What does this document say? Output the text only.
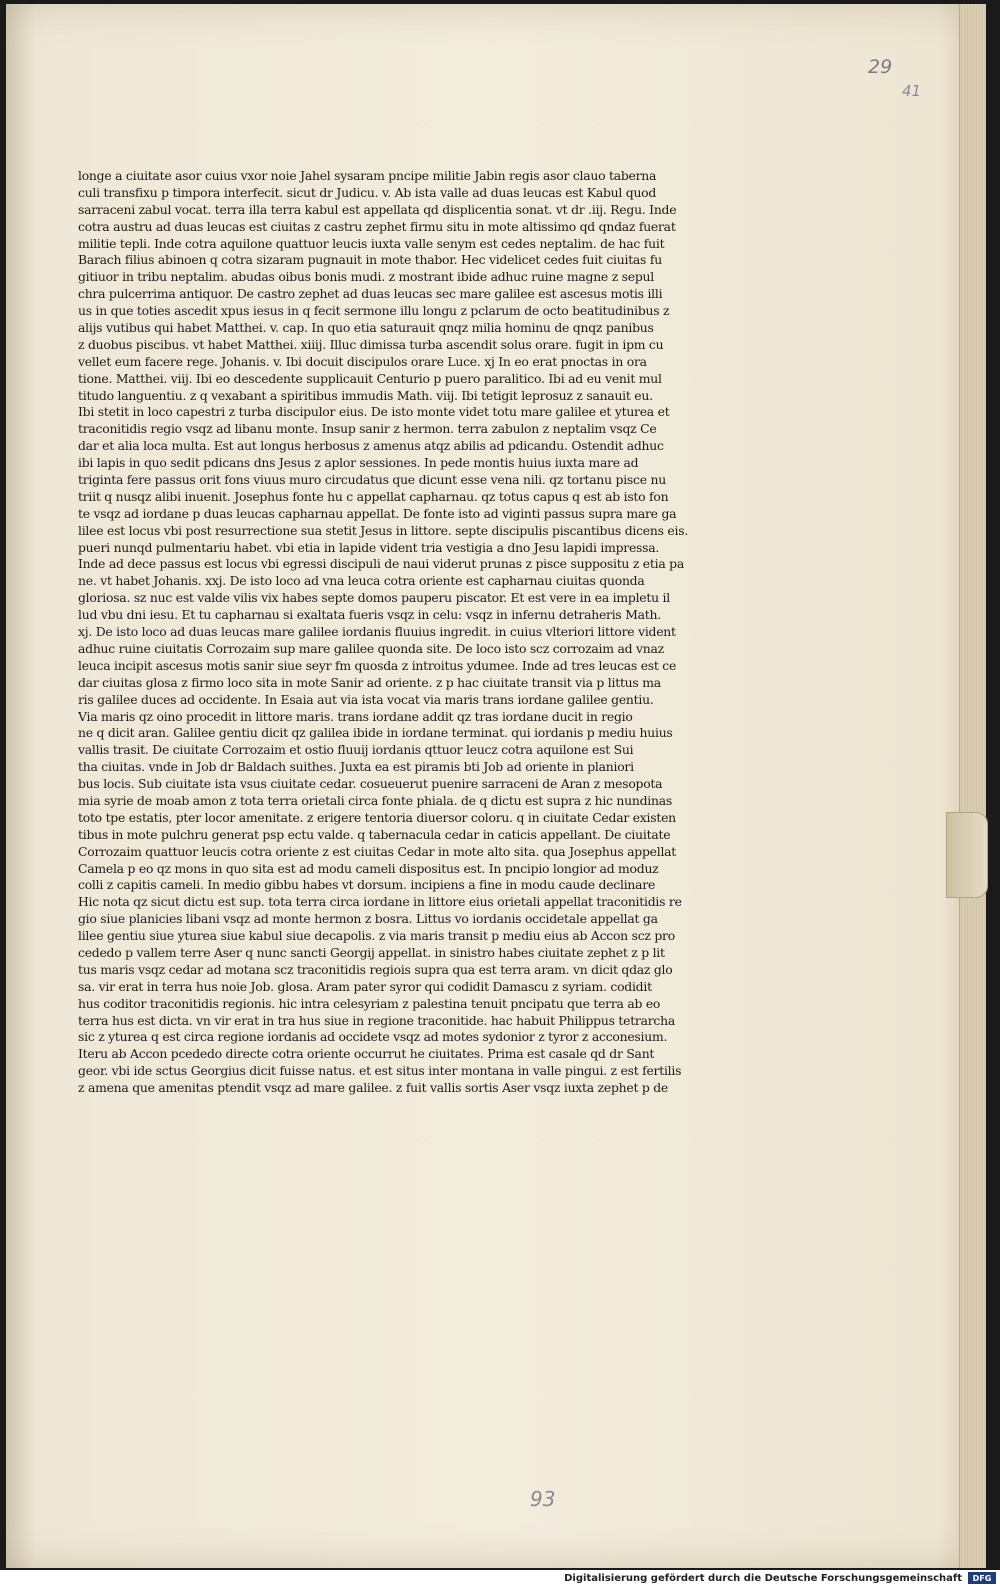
29
41
longe a ciuitate asor cuius vxor noie Jahel sysaram pncipe militie Jabin regis asor clauo taberna
culi transfixu p timpora interfecit. sicut dr Judicu. v. Ab ista valle ad duas leucas est Kabul quod
sarraceni zabul vocat. terra illa terra kabul est appellata qd displicentia sonat. vt dr .iij. Regu. Inde
cotra austru ad duas leucas est ciuitas z castru zephet firmu situ in mote altissimo qd qndaz fuerat
militie tepli. Inde cotra aquilone quattuor leucis iuxta valle senym est cedes neptalim. de hac fuit
Barach filius abinoen q cotra sizaram pugnauit in mote thabor. Hec videlicet cedes fuit ciuitas fu
gitiuor in tribu neptalim. abudas oibus bonis mudi. z mostrant ibide adhuc ruine magne z sepul
chra pulcerrima antiquor. De castro zephet ad duas leucas sec mare galilee est ascesus motis illi
us in que toties ascedit xpus iesus in q fecit sermone illu longu z pclarum de octo beatitudinibus z
alijs vutibus qui habet Matthei. v. cap. In quo etia saturauit qnqz milia hominu de qnqz panibus
z duobus piscibus. vt habet Matthei. xiiij. Illuc dimissa turba ascendit solus orare. fugit in ipm cu
vellet eum facere rege. Johanis. v. Ibi docuit discipulos orare Luce. xj In eo erat pnoctas in ora
tione. Matthei. viij. Ibi eo descedente supplicauit Centurio p puero paralitico. Ibi ad eu venit mul
titudo languentiu. z q vexabant a spiritibus immudis Math. viij. Ibi tetigit leprosuz z sanauit eu.
Ibi stetit in loco capestri z turba discipulor eius. De isto monte videt totu mare galilee et yturea et
traconitidis regio vsqz ad libanu monte. Insup sanir z hermon. terra zabulon z neptalim vsqz Ce
dar et alia loca multa. Est aut longus herbosus z amenus atqz abilis ad pdicandu. Ostendit adhuc
ibi lapis in quo sedit pdicans dns Jesus z aplor sessiones. In pede montis huius iuxta mare ad
triginta fere passus orit fons viuus muro circudatus que dicunt esse vena nili. qz tortanu pisce nu
triit q nusqz alibi inuenit. Josephus fonte hu c appellat capharnau. qz totus capus q est ab isto fon
te vsqz ad iordane p duas leucas capharnau appellat. De fonte isto ad viginti passus supra mare ga
lilee est locus vbi post resurrectione sua stetit Jesus in littore. septe discipulis piscantibus dicens eis.
pueri nunqd pulmentariu habet. vbi etia in lapide vident tria vestigia a dno Jesu lapidi impressa.
Inde ad dece passus est locus vbi egressi discipuli de naui viderut prunas z pisce suppositu z etia pa
ne. vt habet Johanis. xxj. De isto loco ad vna leuca cotra oriente est capharnau ciuitas quonda
gloriosa. sz nuc est valde vilis vix habes septe domos pauperu piscator. Et est vere in ea impletu il
lud vbu dni iesu. Et tu capharnau si exaltata fueris vsqz in celu: vsqz in infernu detraheris Math.
xj. De isto loco ad duas leucas mare galilee iordanis fluuius ingredit. in cuius vlteriori littore vident
adhuc ruine ciuitatis Corrozaim sup mare galilee quonda site. De loco isto scz corrozaim ad vnaz
leuca incipit ascesus motis sanir siue seyr fm quosda z introitus ydumee. Inde ad tres leucas est ce
dar ciuitas glosa z firmo loco sita in mote Sanir ad oriente. z p hac ciuitate transit via p littus ma
ris galilee duces ad occidente. In Esaia aut via ista vocat via maris trans iordane galilee gentiu.
Via maris qz oino procedit in littore maris. trans iordane addit qz tras iordane ducit in regio
ne q dicit aran. Galilee gentiu dicit qz galilea ibide in iordane terminat. qui iordanis p mediu huius
vallis trasit. De ciuitate Corrozaim et ostio fluuij iordanis qttuor leucz cotra aquilone est Sui
tha ciuitas. vnde in Job dr Baldach suithes. Juxta ea est piramis bti Job ad oriente in planiori
bus locis. Sub ciuitate ista vsus ciuitate cedar. cosueuerut puenire sarraceni de Aran z mesopota
mia syrie de moab amon z tota terra orietali circa fonte phiala. de q dictu est supra z hic nundinas
toto tpe estatis, pter locor amenitate. z erigere tentoria diuersor coloru. q in ciuitate Cedar existen
tibus in mote pulchru generat psp ectu valde. q tabernacula cedar in caticis appellant. De ciuitate
Corrozaim quattuor leucis cotra oriente z est ciuitas Cedar in mote alto sita. qua Josephus appellat
Camela p eo qz mons in quo sita est ad modu cameli dispositus est. In pncipio longior ad moduz
colli z capitis cameli. In medio gibbu habes vt dorsum. incipiens a fine in modu caude declinare
Hic nota qz sicut dictu est sup. tota terra circa iordane in littore eius orietali appellat traconitidis re
gio siue planicies libani vsqz ad monte hermon z bosra. Littus vo iordanis occidetale appellat ga
lilee gentiu siue yturea siue kabul siue decapolis. z via maris transit p mediu eius ab Accon scz pro
cededo p vallem terre Aser q nunc sancti Georgij appellat. in sinistro habes ciuitate zephet z p lit
tus maris vsqz cedar ad motana scz traconitidis regiois supra qua est terra aram. vn dicit qdaz glo
sa. vir erat in terra hus noie Job. glosa. Aram pater syror qui codidit Damascu z syriam. codidit
hus coditor traconitidis regionis. hic intra celesyriam z palestina tenuit pncipatu que terra ab eo
terra hus est dicta. vn vir erat in tra hus siue in regione traconitide. hac habuit Philippus tetrarcha
sic z yturea q est circa regione iordanis ad occidete vsqz ad motes sydonior z tyror z acconesium.
Iteru ab Accon pcededo directe cotra oriente occurrut he ciuitates. Prima est casale qd dr Sant
geor. vbi ide sctus Georgius dicit fuisse natus. et est situs inter montana in valle pingui. z est fertilis
z amena que amenitas ptendit vsqz ad mare galilee. z fuit vallis sortis Aser vsqz iuxta zephet p de
93
Digitalisierung gefördert durch die Deutsche Forschungsgemeinschaft	DFG
